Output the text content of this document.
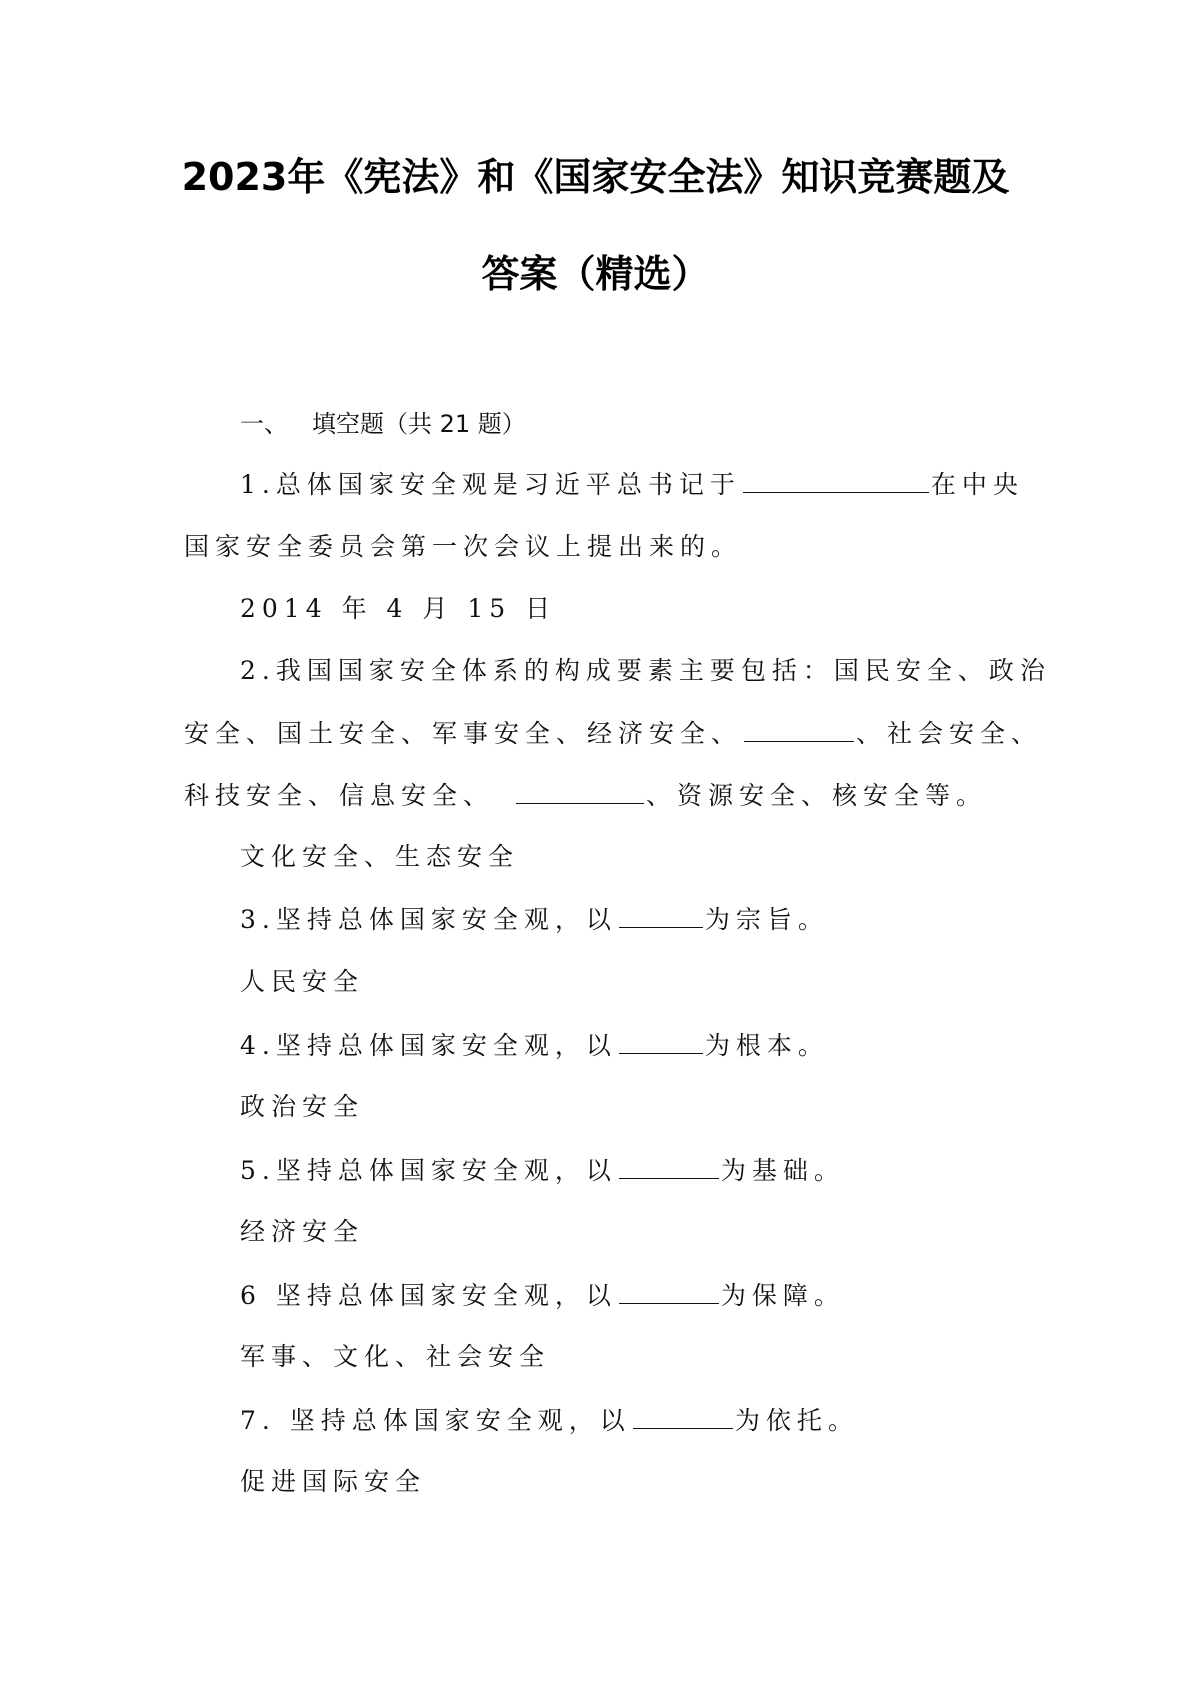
2023年《宪法》和《国家安全法》知识竞赛题及
答案（精选）
一、 填空题（共 21 题）
1.总体国家安全观是习近平总书记于	在中央
国家安全委员会第一次会议上提出来的。
2014 年 4 月 15 日
2.我国国家安全体系的构成要素主要包括：国民安全、政治
安全、国土安全、军事安全、经济安全、	、社会安全、
科技安全、信息安全、	、资源安全、核安全等。
文化安全、生态安全
3.坚持总体国家安全观，以	为宗旨。
人民安全
4.坚持总体国家安全观，以	为根本。
政治安全
5.坚持总体国家安全观，以	为基础。
经济安全
6 坚持总体国家安全观，以	为保障。
军事、文化、社会安全
7. 坚持总体国家安全观，以	为依托。
促进国际安全
